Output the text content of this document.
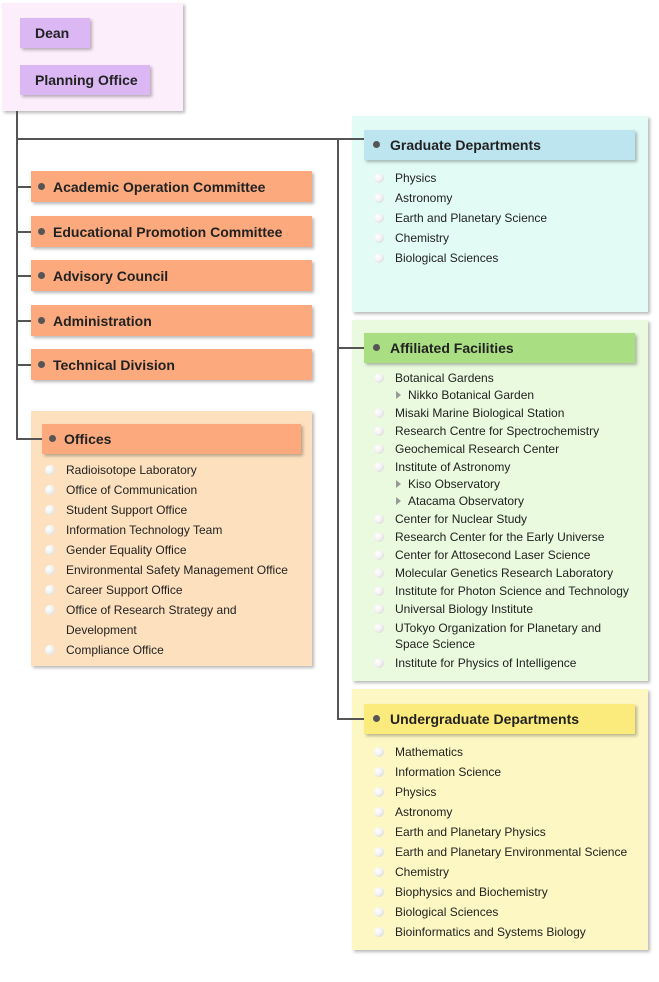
Dean
Planning Office
Academic Operation Committee
Educational Promotion Committee
Advisory Council
Administration
Technical Division
Offices
Graduate Departments
Affiliated Facilities
Undergraduate Departments
Radioisotope Laboratory
Office of Communication
Student Support Office
Information Technology Team
Gender Equality Office
Environmental Safety Management Office
Career Support Office
Office of Research Strategy and Development
Compliance Office
Physics
Astronomy
Earth and Planetary Science
Chemistry
Biological Sciences
Botanical Gardens
Nikko Botanical Garden
Misaki Marine Biological Station
Research Centre for Spectrochemistry
Geochemical Research Center
Institute of Astronomy
Kiso Observatory
Atacama Observatory
Center for Nuclear Study
Research Center for the Early Universe
Center for Attosecond Laser Science
Molecular Genetics Research Laboratory
Institute for Photon Science and Technology
Universal Biology Institute
UTokyo Organization for Planetary and Space Science
Institute for Physics of Intelligence
Mathematics
Information Science
Physics
Astronomy
Earth and Planetary Physics
Earth and Planetary Environmental Science
Chemistry
Biophysics and Biochemistry
Biological Sciences
Bioinformatics and Systems Biology
